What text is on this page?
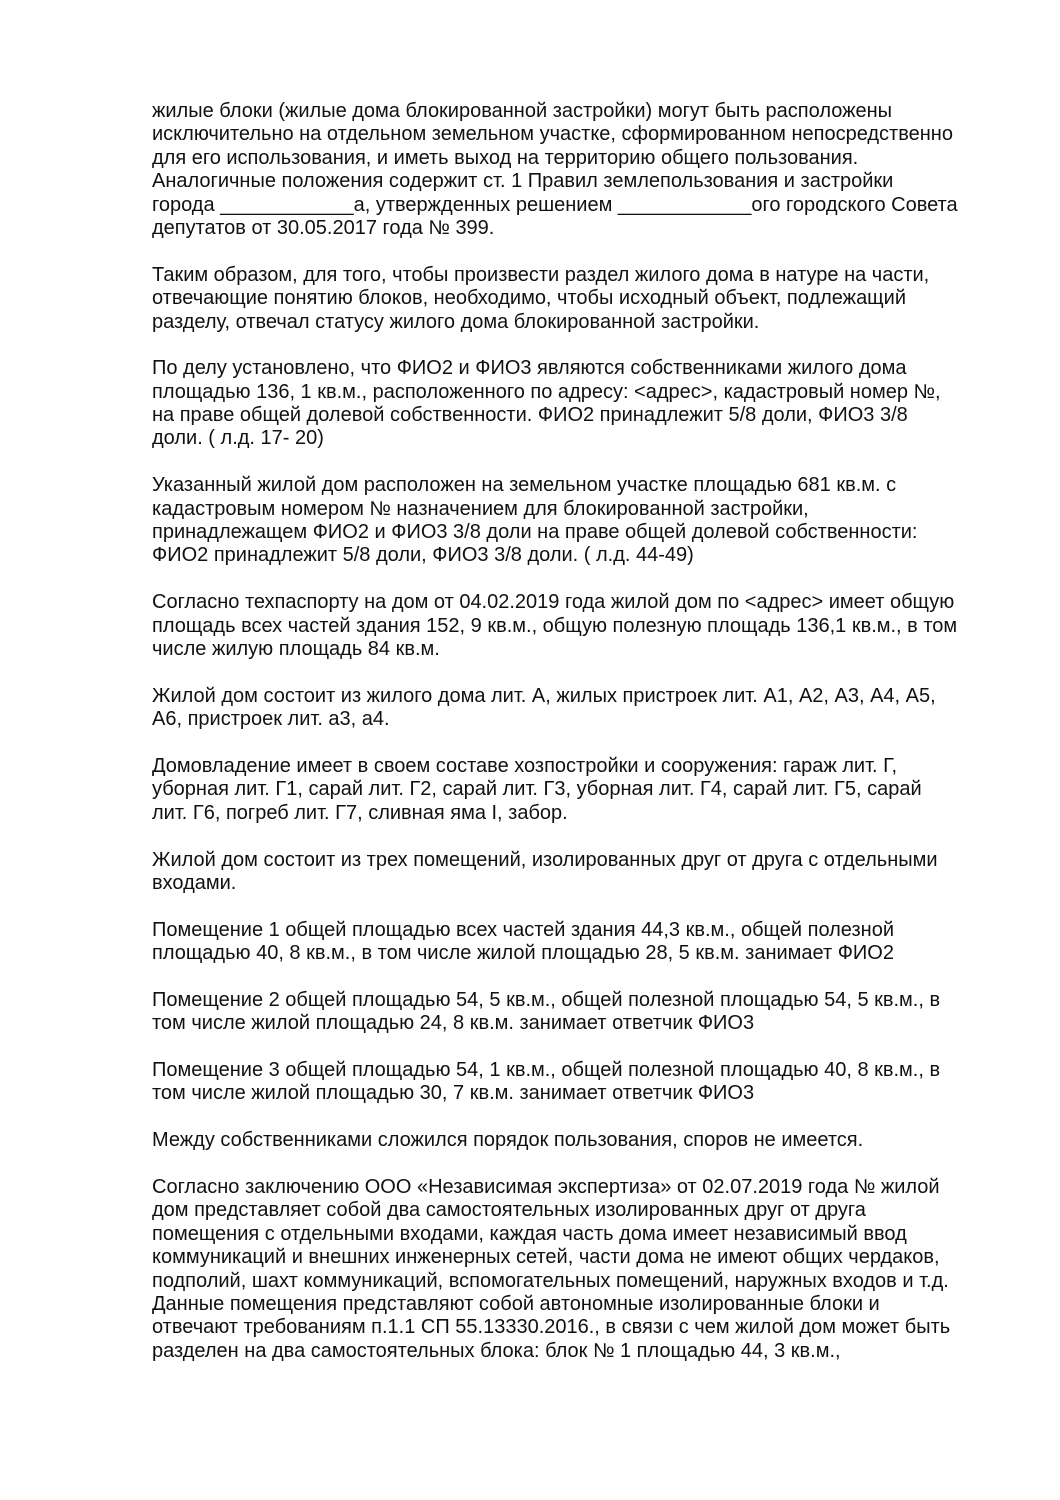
жилые блоки (жилые дома блокированной застройки) могут быть расположены
исключительно на отдельном земельном участке, сформированном непосредственно
для его использования, и иметь выход на территорию общего пользования.
Аналогичные положения содержит ст. 1 Правил землепользования и застройки
города ____________а, утвержденных решением ____________ого городского Совета
депутатов от 30.05.2017 года № 399.

Таким образом, для того, чтобы произвести раздел жилого дома в натуре на части,
отвечающие понятию блоков, необходимо, чтобы исходный объект, подлежащий
разделу, отвечал статусу жилого дома блокированной застройки.

По делу установлено, что ФИО2 и ФИО3 являются собственниками жилого дома
площадью 136, 1 кв.м., расположенного по адресу: <адрес>, кадастровый номер №,
на праве общей долевой собственности. ФИО2 принадлежит 5/8 доли, ФИО3 3/8
доли. ( л.д. 17- 20)

Указанный жилой дом расположен на земельном участке площадью 681 кв.м. с
кадастровым номером № назначением для блокированной застройки,
принадлежащем ФИО2 и ФИО3 3/8 доли на праве общей долевой собственности:
ФИО2 принадлежит 5/8 доли, ФИО3 3/8 доли. ( л.д. 44-49)

Согласно техпаспорту на дом от 04.02.2019 года жилой дом по <адрес> имеет общую
площадь всех частей здания 152, 9 кв.м., общую полезную площадь 136,1 кв.м., в том
числе жилую площадь 84 кв.м.

Жилой дом состоит из жилого дома лит. А, жилых пристроек лит. А1, А2, А3, А4, А5,
А6, пристроек лит. а3, а4.

Домовладение имеет в своем составе хозпостройки и сооружения: гараж лит. Г,
уборная лит. Г1, сарай лит. Г2, сарай лит. Г3, уборная лит. Г4, сарай лит. Г5, сарай
лит. Г6, погреб лит. Г7, сливная яма I, забор.

Жилой дом состоит из трех помещений, изолированных друг от друга с отдельными
входами.

Помещение 1 общей площадью всех частей здания 44,3 кв.м., общей полезной
площадью 40, 8 кв.м., в том числе жилой площадью 28, 5 кв.м. занимает ФИО2

Помещение 2 общей площадью 54, 5 кв.м., общей полезной площадью 54, 5 кв.м., в
том числе жилой площадью 24, 8 кв.м. занимает ответчик ФИО3

Помещение 3 общей площадью 54, 1 кв.м., общей полезной площадью 40, 8 кв.м., в
том числе жилой площадью 30, 7 кв.м. занимает ответчик ФИО3

Между собственниками сложился порядок пользования, споров не имеется.

Согласно заключению ООО «Независимая экспертиза» от 02.07.2019 года № жилой
дом представляет собой два самостоятельных изолированных друг от друга
помещения с отдельными входами, каждая часть дома имеет независимый ввод
коммуникаций и внешних инженерных сетей, части дома не имеют общих чердаков,
подполий, шахт коммуникаций, вспомогательных помещений, наружных входов и т.д.
Данные помещения представляют собой автономные изолированные блоки и
отвечают требованиям п.1.1 СП 55.13330.2016., в связи с чем жилой дом может быть
разделен на два самостоятельных блока: блок № 1 площадью 44, 3 кв.м.,
